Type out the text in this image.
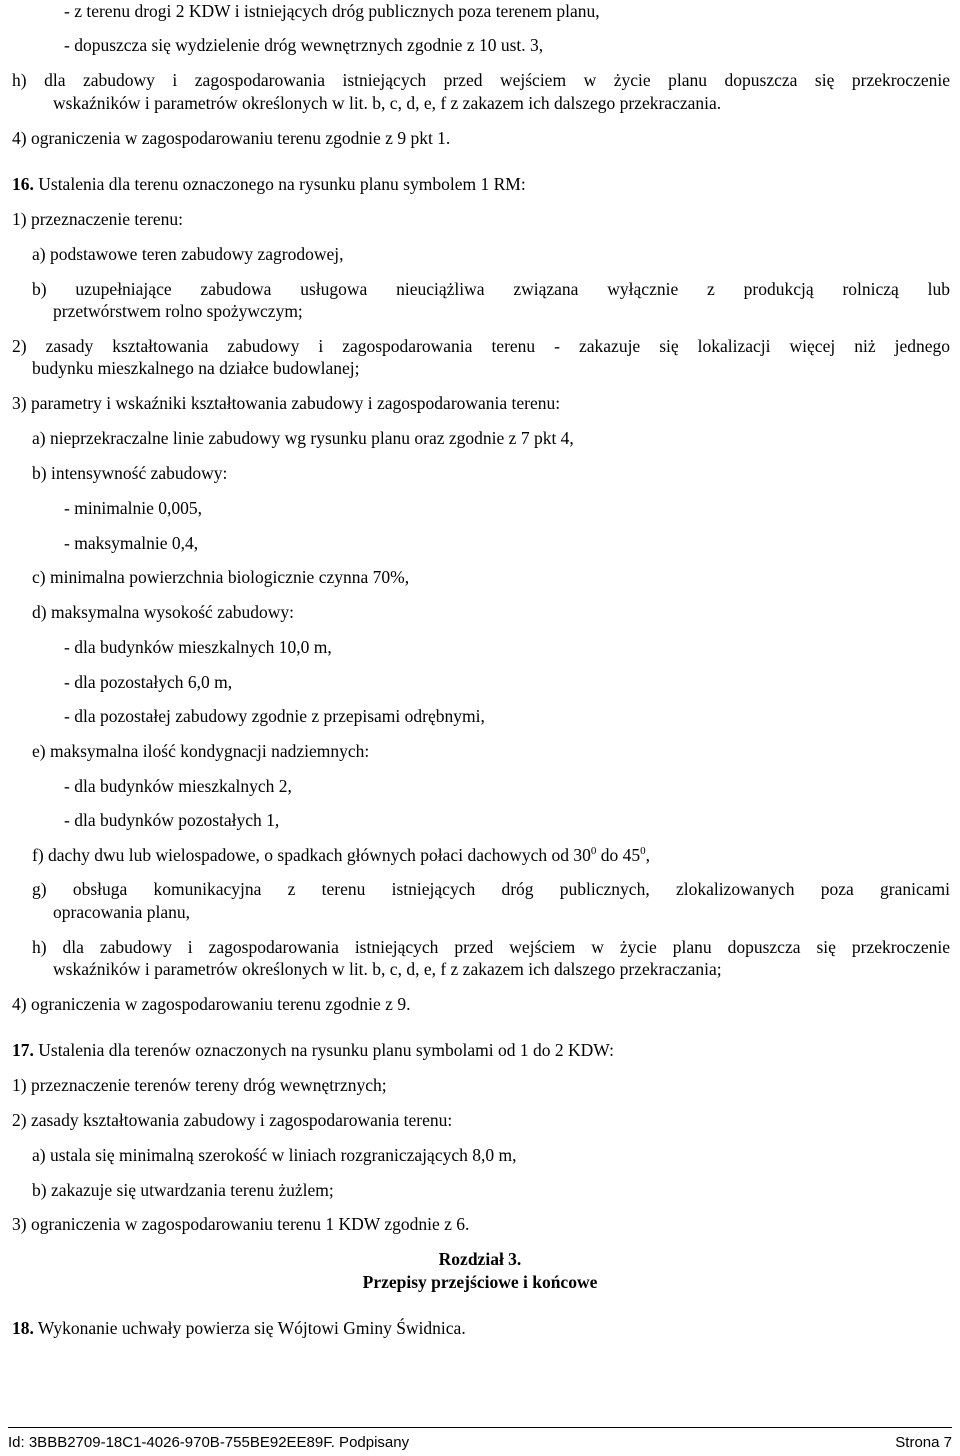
- z terenu drogi 2 KDW i istniejących dróg publicznych poza terenem planu,
- dopuszcza się wydzielenie dróg wewnętrznych zgodnie z 10 ust. 3,
h) dla zabudowy i zagospodarowania istniejących przed wejściem w życie planu dopuszcza się przekroczenie
wskaźników i parametrów określonych w lit. b, c, d, e, f z zakazem ich dalszego przekraczania.
4) ograniczenia w zagospodarowaniu terenu zgodnie z 9 pkt 1.
16. Ustalenia dla terenu oznaczonego na rysunku planu symbolem 1 RM:
1) przeznaczenie terenu:
a) podstawowe teren zabudowy zagrodowej,
b) uzupełniające zabudowa usługowa nieuciążliwa związana wyłącznie z produkcją rolniczą lub
przetwórstwem rolno spożywczym;
2) zasady kształtowania zabudowy i zagospodarowania terenu - zakazuje się lokalizacji więcej niż jednego
budynku mieszkalnego na działce budowlanej;
3) parametry i wskaźniki kształtowania zabudowy i zagospodarowania terenu:
a) nieprzekraczalne linie zabudowy wg rysunku planu oraz zgodnie z 7 pkt 4,
b) intensywność zabudowy:
- minimalnie 0,005,
- maksymalnie 0,4,
c) minimalna powierzchnia biologicznie czynna 70%,
d) maksymalna wysokość zabudowy:
- dla budynków mieszkalnych 10,0 m,
- dla pozostałych 6,0 m,
- dla pozostałej zabudowy zgodnie z przepisami odrębnymi,
e) maksymalna ilość kondygnacji nadziemnych:
- dla budynków mieszkalnych 2,
- dla budynków pozostałych 1,
f) dachy dwu lub wielospadowe, o spadkach głównych połaci dachowych od $30^0$ do $45^0$,
g) obsługa komunikacyjna z terenu istniejących dróg publicznych, zlokalizowanych poza granicami
opracowania planu,
h) dla zabudowy i zagospodarowania istniejących przed wejściem w życie planu dopuszcza się przekroczenie
wskaźników i parametrów określonych w lit. b, c, d, e, f z zakazem ich dalszego przekraczania;
4) ograniczenia w zagospodarowaniu terenu zgodnie z 9.
17. Ustalenia dla terenów oznaczonych na rysunku planu symbolami od 1 do 2 KDW:
1) przeznaczenie terenów tereny dróg wewnętrznych;
2) zasady kształtowania zabudowy i zagospodarowania terenu:
a) ustala się minimalną szerokość w liniach rozgraniczających 8,0 m,
b) zakazuje się utwardzania terenu żużlem;
3) ograniczenia w zagospodarowaniu terenu 1 KDW zgodnie z 6.
Rozdział 3.
Przepisy przejściowe i końcowe
18. Wykonanie uchwały powierza się Wójtowi Gminy Świdnica.
Id: 3BBB2709-18C1-4026-970B-755BE92EE89F. Podpisany	Strona 7
